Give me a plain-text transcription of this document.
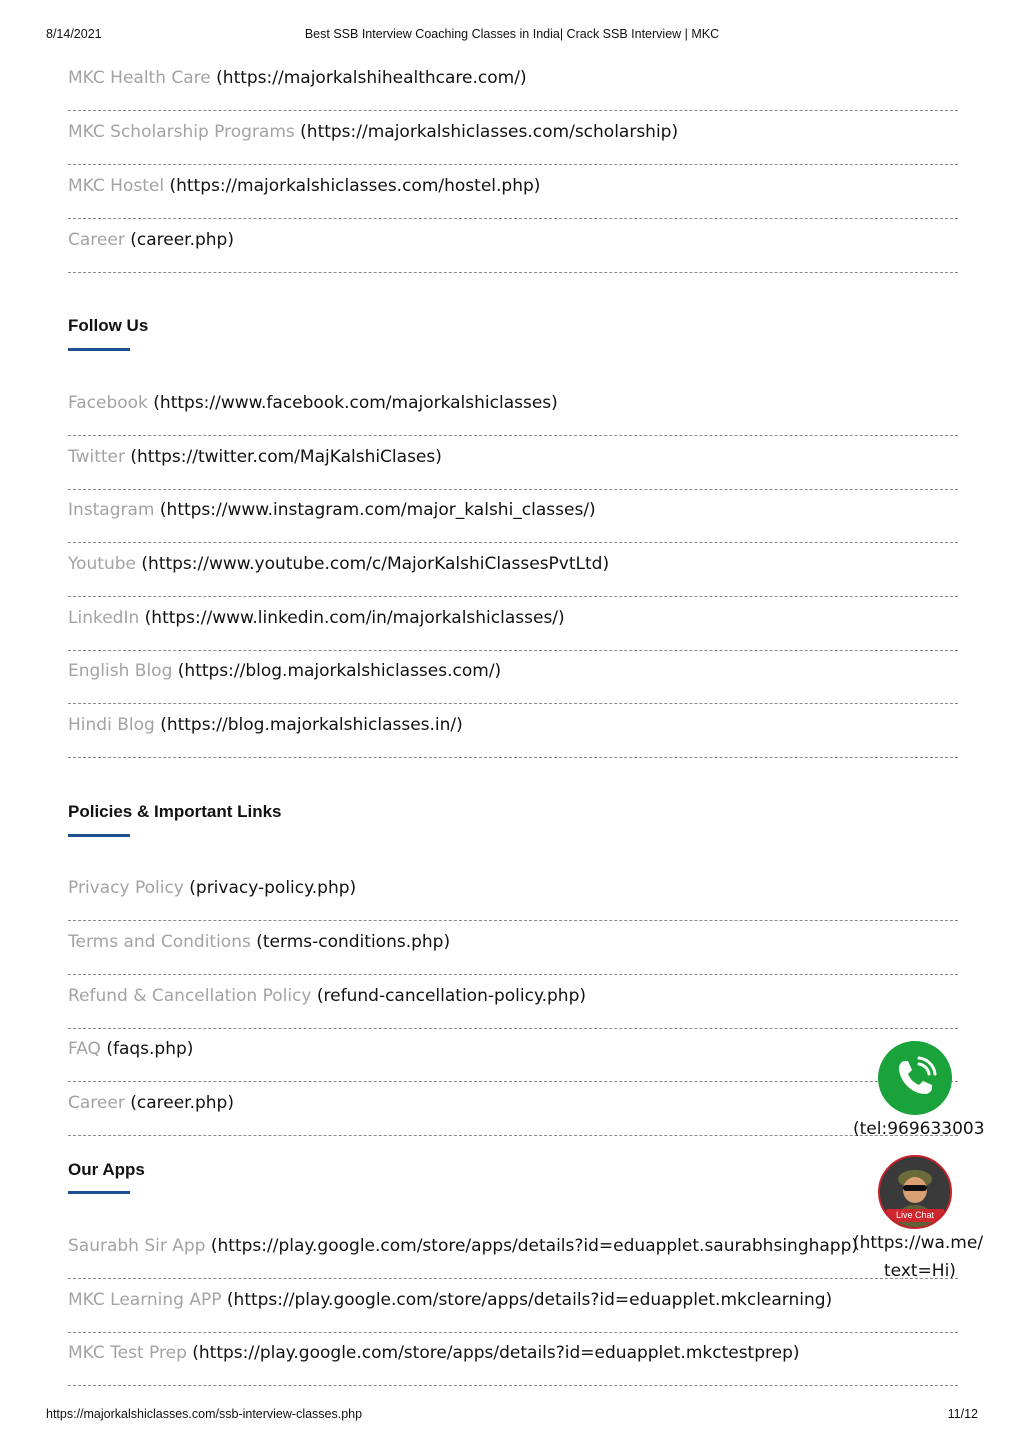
8/14/2021	Best SSB Interview Coaching Classes in India| Crack SSB Interview | MKC
MKC Health Care (https://majorkalshihealthcare.com/)
MKC Scholarship Programs (https://majorkalshiclasses.com/scholarship)
MKC Hostel (https://majorkalshiclasses.com/hostel.php)
Career (career.php)
Follow Us
Facebook (https://www.facebook.com/majorkalshiclasses)
Twitter (https://twitter.com/MajKalshiClases)
Instagram (https://www.instagram.com/major_kalshi_classes/)
Youtube (https://www.youtube.com/c/MajorKalshiClassesPvtLtd)
LinkedIn (https://www.linkedin.com/in/majorkalshiclasses/)
English Blog (https://blog.majorkalshiclasses.com/)
Hindi Blog (https://blog.majorkalshiclasses.in/)
Policies & Important Links
Privacy Policy (privacy-policy.php)
Terms and Conditions (terms-conditions.php)
Refund & Cancellation Policy (refund-cancellation-policy.php)
FAQ (faqs.php)
Career (career.php)
Our Apps
Saurabh Sir App (https://play.google.com/store/apps/details?id=eduapplet.saurabhsinghapp)
MKC Learning APP (https://play.google.com/store/apps/details?id=eduapplet.mkclearning)
MKC Test Prep (https://play.google.com/store/apps/details?id=eduapplet.mkctestprep)
(tel:969633003
Live Chat
(https://wa.me/
text=Hi)
https://majorkalshiclasses.com/ssb-interview-classes.php	11/12
